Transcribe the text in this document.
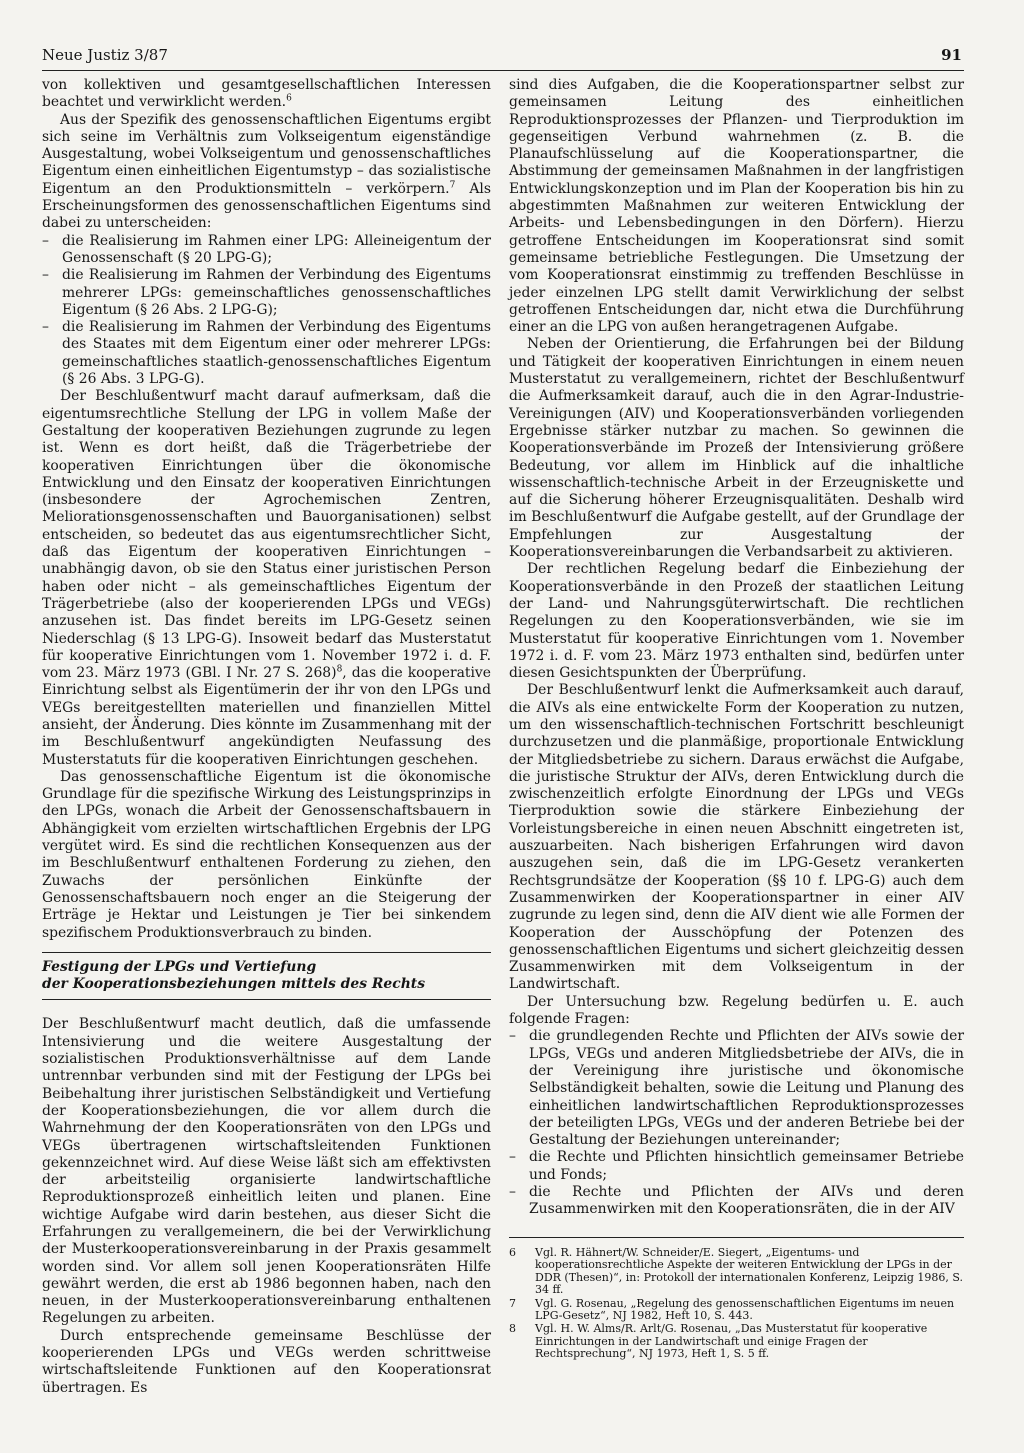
Neue Justiz 3/87	91

von kollektiven und gesamtgesellschaftlichen Interessen beachtet und verwirklicht werden.$^6$

Aus der Spezifik des genossenschaftlichen Eigentums ergibt sich seine im Verhältnis zum Volkseigentum eigenständige Ausgestaltung, wobei Volkseigentum und genossenschaftliches Eigentum einen einheitlichen Eigentumstyp – das sozialistische Eigentum an den Produktionsmitteln – verkörpern.$^7$ Als Erscheinungsformen des genossenschaftlichen Eigentums sind dabei zu unterscheiden:

– die Realisierung im Rahmen einer LPG: Alleineigentum der Genossenschaft (§ 20 LPG-G);
– die Realisierung im Rahmen der Verbindung des Eigentums mehrerer LPGs: gemeinschaftliches genossenschaftliches Eigentum (§ 26 Abs. 2 LPG-G);
– die Realisierung im Rahmen der Verbindung des Eigentums des Staates mit dem Eigentum einer oder mehrerer LPGs: gemeinschaftliches staatlich-genossenschaftliches Eigentum (§ 26 Abs. 3 LPG-G).

Der Beschlußentwurf macht darauf aufmerksam, daß die eigentumsrechtliche Stellung der LPG in vollem Maße der Gestaltung der kooperativen Beziehungen zugrunde zu legen ist. Wenn es dort heißt, daß die Trägerbetriebe der kooperativen Einrichtungen über die ökonomische Entwicklung und den Einsatz der kooperativen Einrichtungen (insbesondere der Agrochemischen Zentren, Meliorationsgenossenschaften und Bauorganisationen) selbst entscheiden, so bedeutet das aus eigentumsrechtlicher Sicht, daß das Eigentum der kooperativen Einrichtungen – unabhängig davon, ob sie den Status einer juristischen Person haben oder nicht – als gemeinschaftliches Eigentum der Trägerbetriebe (also der kooperierenden LPGs und VEGs) anzusehen ist. Das findet bereits im LPG-Gesetz seinen Niederschlag (§ 13 LPG-G). Insoweit bedarf das Musterstatut für kooperative Einrichtungen vom 1. November 1972 i. d. F. vom 23. März 1973 (GBl. I Nr. 27 S. 268)$^8$, das die kooperative Einrichtung selbst als Eigentümerin der ihr von den LPGs und VEGs bereitgestellten materiellen und finanziellen Mittel ansieht, der Änderung. Dies könnte im Zusammenhang mit der im Beschlußentwurf angekündigten Neufassung des Musterstatuts für die kooperativen Einrichtungen geschehen.

Das genossenschaftliche Eigentum ist die ökonomische Grundlage für die spezifische Wirkung des Leistungsprinzips in den LPGs, wonach die Arbeit der Genossenschaftsbauern in Abhängigkeit vom erzielten wirtschaftlichen Ergebnis der LPG vergütet wird. Es sind die rechtlichen Konsequenzen aus der im Beschlußentwurf enthaltenen Forderung zu ziehen, den Zuwachs der persönlichen Einkünfte der Genossenschaftsbauern noch enger an die Steigerung der Erträge je Hektar und Leistungen je Tier bei sinkendem spezifischem Produktionsverbrauch zu binden.

Festigung der LPGs und Vertiefung
der Kooperationsbeziehungen mittels des Rechts

Der Beschlußentwurf macht deutlich, daß die umfassende Intensivierung und die weitere Ausgestaltung der sozialistischen Produktionsverhältnisse auf dem Lande untrennbar verbunden sind mit der Festigung der LPGs bei Beibehaltung ihrer juristischen Selbständigkeit und Vertiefung der Kooperationsbeziehungen, die vor allem durch die Wahrnehmung der den Kooperationsräten von den LPGs und VEGs übertragenen wirtschaftsleitenden Funktionen gekennzeichnet wird. Auf diese Weise läßt sich am effektivsten der arbeitsteilig organisierte landwirtschaftliche Reproduktionsprozeß einheitlich leiten und planen. Eine wichtige Aufgabe wird darin bestehen, aus dieser Sicht die Erfahrungen zu verallgemeinern, die bei der Verwirklichung der Musterkooperationsvereinbarung in der Praxis gesammelt worden sind. Vor allem soll jenen Kooperationsräten Hilfe gewährt werden, die erst ab 1986 begonnen haben, nach den neuen, in der Musterkooperationsvereinbarung enthaltenen Regelungen zu arbeiten.

Durch entsprechende gemeinsame Beschlüsse der kooperierenden LPGs und VEGs werden schrittweise wirtschaftsleitende Funktionen auf den Kooperationsrat übertragen. Es

sind dies Aufgaben, die die Kooperationspartner selbst zur gemeinsamen Leitung des einheitlichen Reproduktionsprozesses der Pflanzen- und Tierproduktion im gegenseitigen Verbund wahrnehmen (z. B. die Planaufschlüsselung auf die Kooperationspartner, die Abstimmung der gemeinsamen Maßnahmen in der langfristigen Entwicklungskonzeption und im Plan der Kooperation bis hin zu abgestimmten Maßnahmen zur weiteren Entwicklung der Arbeits- und Lebensbedingungen in den Dörfern). Hierzu getroffene Entscheidungen im Kooperationsrat sind somit gemeinsame betriebliche Festlegungen. Die Umsetzung der vom Kooperationsrat einstimmig zu treffenden Beschlüsse in jeder einzelnen LPG stellt damit Verwirklichung der selbst getroffenen Entscheidungen dar, nicht etwa die Durchführung einer an die LPG von außen herangetragenen Aufgabe.

Neben der Orientierung, die Erfahrungen bei der Bildung und Tätigkeit der kooperativen Einrichtungen in einem neuen Musterstatut zu verallgemeinern, richtet der Beschlußentwurf die Aufmerksamkeit darauf, auch die in den Agrar-Industrie-Vereinigungen (AIV) und Kooperationsverbänden vorliegenden Ergebnisse stärker nutzbar zu machen. So gewinnen die Kooperationsverbände im Prozeß der Intensivierung größere Bedeutung, vor allem im Hinblick auf die inhaltliche wissenschaftlich-technische Arbeit in der Erzeugniskette und auf die Sicherung höherer Erzeugnisqualitäten. Deshalb wird im Beschlußentwurf die Aufgabe gestellt, auf der Grundlage der Empfehlungen zur Ausgestaltung der Kooperationsvereinbarungen die Verbandsarbeit zu aktivieren.

Der rechtlichen Regelung bedarf die Einbeziehung der Kooperationsverbände in den Prozeß der staatlichen Leitung der Land- und Nahrungsgüterwirtschaft. Die rechtlichen Regelungen zu den Kooperationsverbänden, wie sie im Musterstatut für kooperative Einrichtungen vom 1. November 1972 i. d. F. vom 23. März 1973 enthalten sind, bedürfen unter diesen Gesichtspunkten der Überprüfung.

Der Beschlußentwurf lenkt die Aufmerksamkeit auch darauf, die AIVs als eine entwickelte Form der Kooperation zu nutzen, um den wissenschaftlich-technischen Fortschritt beschleunigt durchzusetzen und die planmäßige, proportionale Entwicklung der Mitgliedsbetriebe zu sichern. Daraus erwächst die Aufgabe, die juristische Struktur der AIVs, deren Entwicklung durch die zwischenzeitlich erfolgte Einordnung der LPGs und VEGs Tierproduktion sowie die stärkere Einbeziehung der Vorleistungsbereiche in einen neuen Abschnitt eingetreten ist, auszuarbeiten. Nach bisherigen Erfahrungen wird davon auszugehen sein, daß die im LPG-Gesetz verankerten Rechtsgrundsätze der Kooperation (§§ 10 f. LPG-G) auch dem Zusammenwirken der Kooperationspartner in einer AIV zugrunde zu legen sind, denn die AIV dient wie alle Formen der Kooperation der Ausschöpfung der Potenzen des genossenschaftlichen Eigentums und sichert gleichzeitig dessen Zusammenwirken mit dem Volkseigentum in der Landwirtschaft.

Der Untersuchung bzw. Regelung bedürfen u. E. auch folgende Fragen:

– die grundlegenden Rechte und Pflichten der AIVs sowie der LPGs, VEGs und anderen Mitgliedsbetriebe der AIVs, die in der Vereinigung ihre juristische und ökonomische Selbständigkeit behalten, sowie die Leitung und Planung des einheitlichen landwirtschaftlichen Reproduktionsprozesses der beteiligten LPGs, VEGs und der anderen Betriebe bei der Gestaltung der Beziehungen untereinander;
– die Rechte und Pflichten hinsichtlich gemeinsamer Betriebe und Fonds;
– die Rechte und Pflichten der AIVs und deren Zusammenwirken mit den Kooperationsräten, die in der AIV
6 Vgl. R. Hähnert/W. Schneider/E. Siegert, „Eigentums- und kooperationsrechtliche Aspekte der weiteren Entwicklung der LPGs in der DDR (Thesen)“, in: Protokoll der internationalen Konferenz, Leipzig 1986, S. 34 ff.
7 Vgl. G. Rosenau, „Regelung des genossenschaftlichen Eigentums im neuen LPG-Gesetz“, NJ 1982, Heft 10, S. 443.
8 Vgl. H. W. Alms/R. Arlt/G. Rosenau, „Das Musterstatut für kooperative Einrichtungen in der Landwirtschaft und einige Fragen der Rechtsprechung“, NJ 1973, Heft 1, S. 5 ff.
